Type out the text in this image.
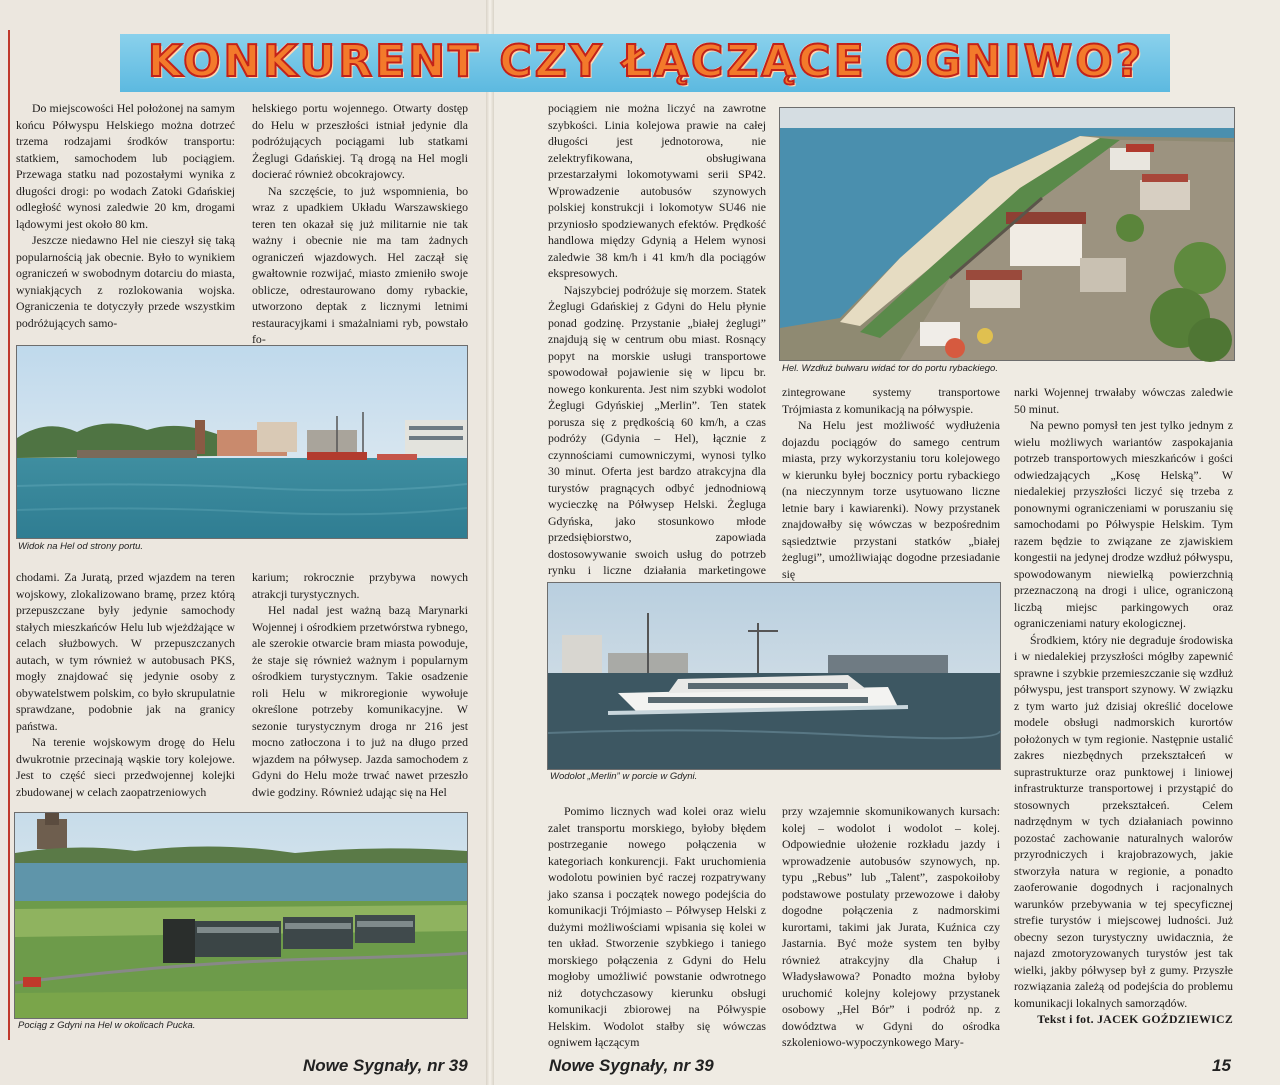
KONKURENT CZY ŁĄCZĄCE OGNIWO?

Do miejscowości Hel położonej na samym końcu Półwyspu Helskiego można dotrzeć trzema rodzajami środków transportu: statkiem, samochodem lub pociągiem. Przewaga statku nad pozostałymi wynika z długości drogi: po wodach Zatoki Gdańskiej odległość wynosi zaledwie 20 km, drogami lądowymi jest około 80 km.

Jeszcze niedawno Hel nie cieszył się taką popularnością jak obecnie. Było to wynikiem ograniczeń w swobodnym dotarciu do miasta, wyniakjących z rozlokowania wojska. Ograniczenia te dotyczyły przede wszystkim podróżujących samo-

helskiego portu wojennego. Otwarty dostęp do Helu w przeszłości istniał jedynie dla podróżujących pociągami lub statkami Żeglugi Gdańskiej. Tą drogą na Hel mogli docierać również obcokrajowcy.

Na szczęście, to już wspomnienia, bo wraz z upadkiem Układu Warszawskiego teren ten okazał się już militarnie nie tak ważny i obecnie nie ma tam żadnych ograniczeń wjazdowych. Hel zaczął się gwałtownie rozwijać, miasto zmieniło swoje oblicze, odrestaurowano domy rybackie, utworzono deptak z licznymi letnimi restauracyjkami i smażalniami ryb, powstało fo-

Widok na Hel od strony portu.

chodami. Za Juratą, przed wjazdem na teren wojskowy, zlokalizowano bramę, przez którą przepuszczane były jedynie samochody stałych mieszkańców Helu lub wjeżdżające w celach służbowych. W przepuszczanych autach, w tym również w autobusach PKS, mogły znajdować się jedynie osoby z obywatelstwem polskim, co było skrupulatnie sprawdzane, podobnie jak na granicy państwa.

Na terenie wojskowym drogę do Helu dwukrotnie przecinają wąskie tory kolejowe. Jest to część sieci przedwojennej kolejki zbudowanej w celach zaopatrzeniowych

karium; rokrocznie przybywa nowych atrakcji turystycznych.

Hel nadal jest ważną bazą Marynarki Wojennej i ośrodkiem przetwórstwa rybnego, ale szerokie otwarcie bram miasta powoduje, że staje się również ważnym i popularnym ośrodkiem turystycznym. Takie osadzenie roli Helu w mikroregionie wywołuje określone potrzeby komunikacyjne. W sezonie turystycznym droga nr 216 jest mocno zatłoczona i to już na długo przed wjazdem na półwysep. Jazda samochodem z Gdyni do Helu może trwać nawet przeszło dwie godziny. Również udając się na Hel

Pociąg z Gdyni na Hel w okolicach Pucka.
Nowe Sygnały, nr 39

pociągiem nie można liczyć na zawrotne szybkości. Linia kolejowa prawie na całej długości jest jednotorowa, nie zelektryfikowana, obsługiwana przestarzałymi lokomotywami serii SP42. Wprowadzenie autobusów szynowych polskiej konstrukcji i lokomotyw SU46 nie przyniosło spodziewanych efektów. Prędkość handlowa między Gdynią a Helem wynosi zaledwie 38 km/h i 41 km/h dla pociągów ekspresowych.

Najszybciej podróżuje się morzem. Statek Żeglugi Gdańskiej z Gdyni do Helu płynie ponad godzinę. Przystanie „białej żeglugi” znajdują się w centrum obu miast. Rosnący popyt na morskie usługi transportowe spowodował pojawienie się w lipcu br. nowego konkurenta. Jest nim szybki wodolot Żeglugi Gdyńskiej „Merlin”. Ten statek porusza się z prędkością 60 km/h, a czas podróży (Gdynia – Hel), łącznie z czynnościami cumowniczymi, wynosi tylko 30 minut. Oferta jest bardzo atrakcyjna dla turystów pragnących odbyć jednodniową wycieczkę na Półwysep Helski. Żegluga Gdyńska, jako stosunkowo młode przedsiębiorstwo, zapowiada dostosowywanie swoich usług do potrzeb rynku i liczne działania marketingowe

Hel. Wzdłuż bulwaru widać tor do portu rybackiego.

zintegrowane systemy transportowe Trójmiasta z komunikacją na półwyspie.

Na Helu jest możliwość wydłużenia dojazdu pociągów do samego centrum miasta, przy wykorzystaniu toru kolejowego w kierunku byłej bocznicy portu rybackiego (na nieczynnym torze usytuowano liczne letnie bary i kawiarenki). Nowy przystanek znajdowałby się wówczas w bezpośrednim sąsiedztwie przystani statków „białej żeglugi”, umożliwiając dogodne przesiadanie się

Wodolot „Merlin” w porcie w Gdyni.

narki Wojennej trwałaby wówczas zaledwie 50 minut.

Na pewno pomysł ten jest tylko jednym z wielu możliwych wariantów zaspokajania potrzeb transportowych mieszkańców i gości odwiedzających „Kosę Helską”. W niedalekiej przyszłości liczyć się trzeba z ponownymi ograniczeniami w poruszaniu się samochodami po Półwyspie Helskim. Tym razem będzie to związane ze zjawiskiem kongestii na jedynej drodze wzdłuż półwyspu, spowodowanym niewielką powierzchnią przeznaczoną na drogi i ulice, ograniczoną liczbą miejsc parkingowych oraz ograniczeniami natury ekologicznej.

Środkiem, który nie degraduje środowiska i w niedalekiej przyszłości mógłby zapewnić sprawne i szybkie przemieszczanie się wzdłuż półwyspu, jest transport szynowy. W związku z tym warto już dzisiaj określić docelowe modele obsługi nadmorskich kurortów położonych w tym regionie. Następnie ustalić zakres niezbędnych przekształceń w suprastrukturze oraz punktowej i liniowej infrastrukturze transportowej i przystąpić do stosownych przekształceń. Celem nadrzędnym w tych działaniach powinno pozostać zachowanie naturalnych walorów przyrodniczych i krajobrazowych, jakie stworzyła natura w regionie, a ponadto zaoferowanie dogodnych i racjonalnych warunków przebywania w tej specyficznej strefie turystów i miejscowej ludności. Już obecny sezon turystyczny uwidacznia, że najazd zmotoryzowanych turystów jest tak wielki, jakby półwysep był z gumy. Przyszłe rozwiązania zależą od podejścia do problemu komunikacji lokalnych samorządów.

Tekst i fot. JACEK GOŹDZIEWICZ

Pomimo licznych wad kolei oraz wielu zalet transportu morskiego, byłoby błędem postrzeganie nowego połączenia w kategoriach konkurencji. Fakt uruchomienia wodolotu powinien być raczej rozpatrywany jako szansa i początek nowego podejścia do komunikacji Trójmiasto – Półwysep Helski z dużymi możliwościami wpisania się kolei w ten układ. Stworzenie szybkiego i taniego morskiego połączenia z Gdyni do Helu mogłoby umożliwić powstanie odwrotnego niż dotychczasowy kierunku obsługi komunikacji zbiorowej na Półwyspie Helskim. Wodolot stałby się wówczas ogniwem łączącym

przy wzajemnie skomunikowanych kursach: kolej – wodolot i wodolot – kolej. Odpowiednie ułożenie rozkładu jazdy i wprowadzenie autobusów szynowych, np. typu „Rebus” lub „Talent”, zaspokoiłoby podstawowe postulaty przewozowe i dałoby dogodne połączenia z nadmorskimi kurortami, takimi jak Jurata, Kuźnica czy Jastarnia. Być może system ten byłby również atrakcyjny dla Chałup i Władysławowa? Ponadto można byłoby uruchomić kolejny kolejowy przystanek osobowy „Hel Bór” i podróż np. z dowództwa w Gdyni do ośrodka szkoleniowo-wypoczynkowego Mary-

Nowe Sygnały, nr 39	15
